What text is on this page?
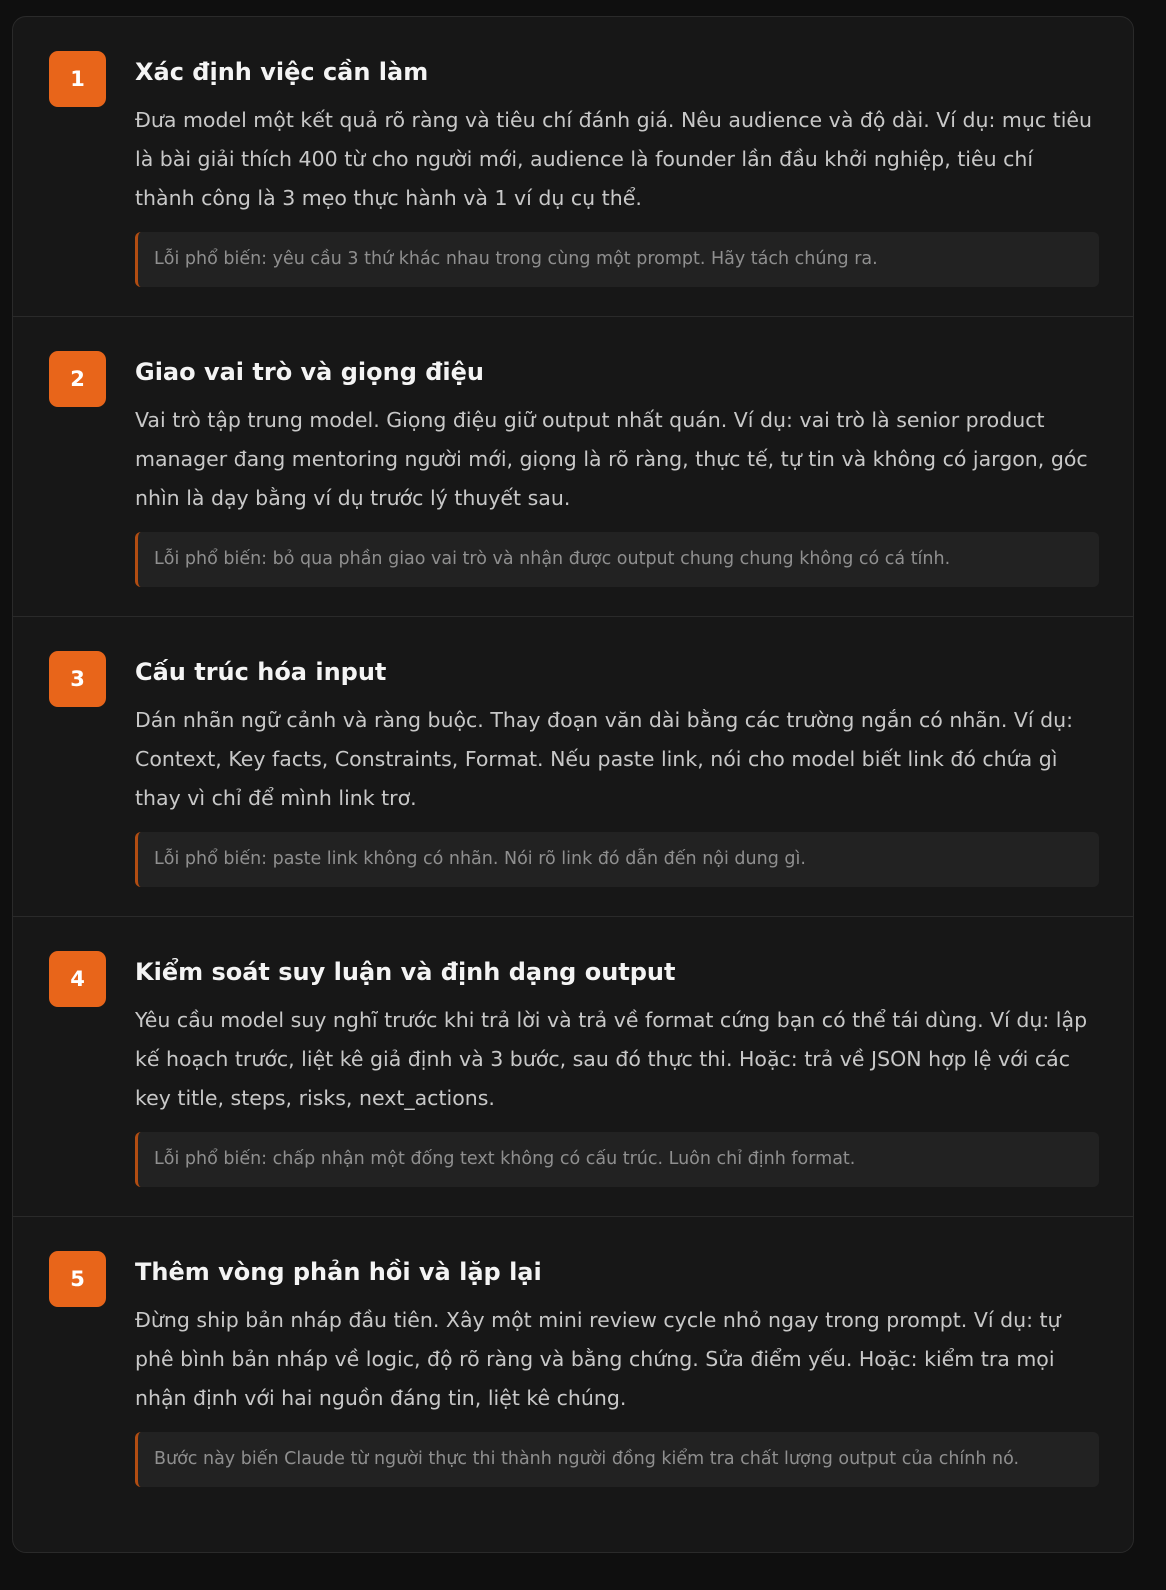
1	Xác định việc cần làm

Đưa model một kết quả rõ ràng và tiêu chí đánh giá. Nêu audience và độ dài. Ví dụ: mục tiêu là bài giải thích 400 từ cho người mới, audience là founder lần đầu khởi nghiệp, tiêu chí thành công là 3 mẹo thực hành và 1 ví dụ cụ thể.

Lỗi phổ biến: yêu cầu 3 thứ khác nhau trong cùng một prompt. Hãy tách chúng ra.
2	Giao vai trò và giọng điệu

Vai trò tập trung model. Giọng điệu giữ output nhất quán. Ví dụ: vai trò là senior product manager đang mentoring người mới, giọng là rõ ràng, thực tế, tự tin và không có jargon, góc nhìn là dạy bằng ví dụ trước lý thuyết sau.

Lỗi phổ biến: bỏ qua phần giao vai trò và nhận được output chung chung không có cá tính.
3	Cấu trúc hóa input

Dán nhãn ngữ cảnh và ràng buộc. Thay đoạn văn dài bằng các trường ngắn có nhãn. Ví dụ: Context, Key facts, Constraints, Format. Nếu paste link, nói cho model biết link đó chứa gì thay vì chỉ để mình link trơ.

Lỗi phổ biến: paste link không có nhãn. Nói rõ link đó dẫn đến nội dung gì.
4	Kiểm soát suy luận và định dạng output

Yêu cầu model suy nghĩ trước khi trả lời và trả về format cứng bạn có thể tái dùng. Ví dụ: lập kế hoạch trước, liệt kê giả định và 3 bước, sau đó thực thi. Hoặc: trả về JSON hợp lệ với các key title, steps, risks, next_actions.

Lỗi phổ biến: chấp nhận một đống text không có cấu trúc. Luôn chỉ định format.
5	Thêm vòng phản hồi và lặp lại

Đừng ship bản nháp đầu tiên. Xây một mini review cycle nhỏ ngay trong prompt. Ví dụ: tự phê bình bản nháp về logic, độ rõ ràng và bằng chứng. Sửa điểm yếu. Hoặc: kiểm tra mọi nhận định với hai nguồn đáng tin, liệt kê chúng.

Bước này biến Claude từ người thực thi thành người đồng kiểm tra chất lượng output của chính nó.
